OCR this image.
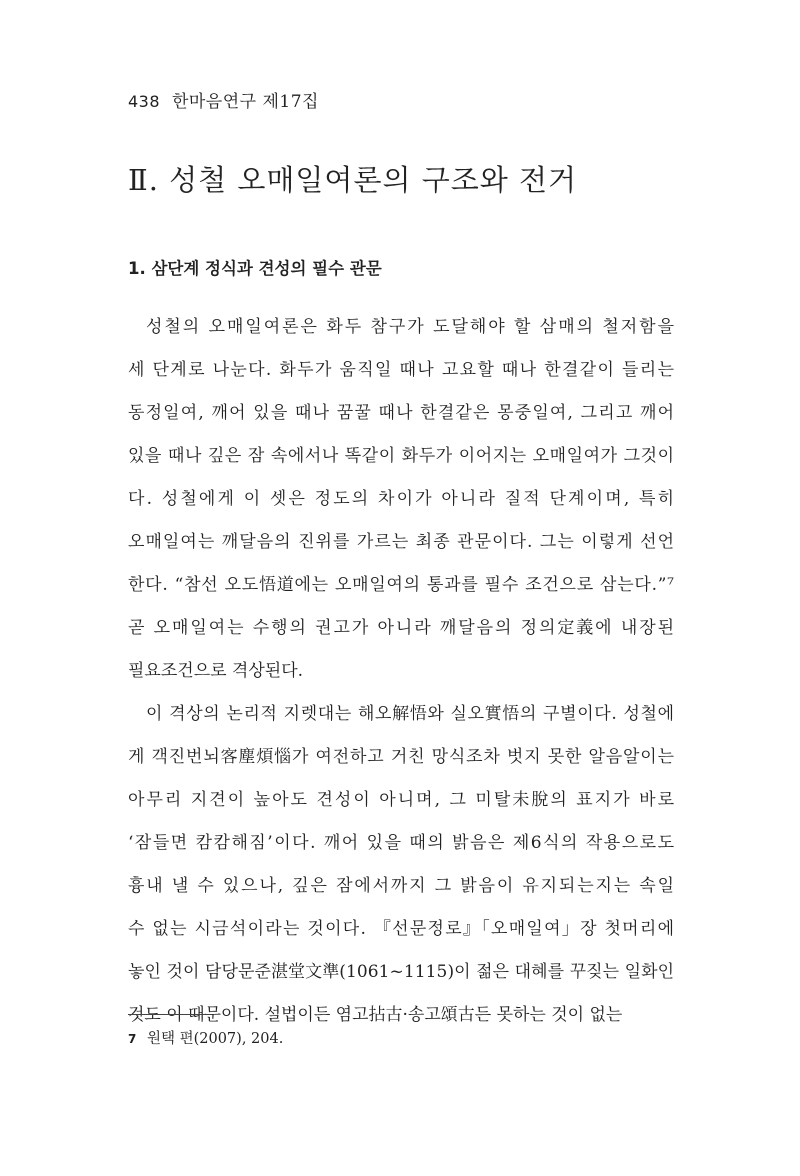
438 한마음연구 제17집
Ⅱ. 성철 오매일여론의 구조와 전거
1. 삼단계 정식과 견성의 필수 관문
성철의 오매일여론은 화두 참구가 도달해야 할 삼매의 철저함을
세 단계로 나눈다. 화두가 움직일 때나 고요할 때나 한결같이 들리는
동정일여, 깨어 있을 때나 꿈꿀 때나 한결같은 몽중일여, 그리고 깨어
있을 때나 깊은 잠 속에서나 똑같이 화두가 이어지는 오매일여가 그것이
다. 성철에게 이 셋은 정도의 차이가 아니라 질적 단계이며, 특히
오매일여는 깨달음의 진위를 가르는 최종 관문이다. 그는 이렇게 선언
한다. “참선 오도悟道에는 오매일여의 통과를 필수 조건으로 삼는다.”⁷
곧 오매일여는 수행의 권고가 아니라 깨달음의 정의定義에 내장된
필요조건으로 격상된다.
이 격상의 논리적 지렛대는 해오解悟와 실오實悟의 구별이다. 성철에
게 객진번뇌客塵煩惱가 여전하고 거친 망식조차 벗지 못한 알음알이는
아무리 지견이 높아도 견성이 아니며, 그 미탈未脫의 표지가 바로
‘잠들면 캄캄해짐’이다. 깨어 있을 때의 밝음은 제6식의 작용으로도
흉내 낼 수 있으나, 깊은 잠에서까지 그 밝음이 유지되는지는 속일
수 없는 시금석이라는 것이다. 『선문정로』「오매일여」장 첫머리에
놓인 것이 담당문준湛堂文準(1061~1115)이 젊은 대혜를 꾸짖는 일화인
것도 이 때문이다. 설법이든 염고拈古·송고頌古든 못하는 것이 없는
7 원택 편(2007), 204.
